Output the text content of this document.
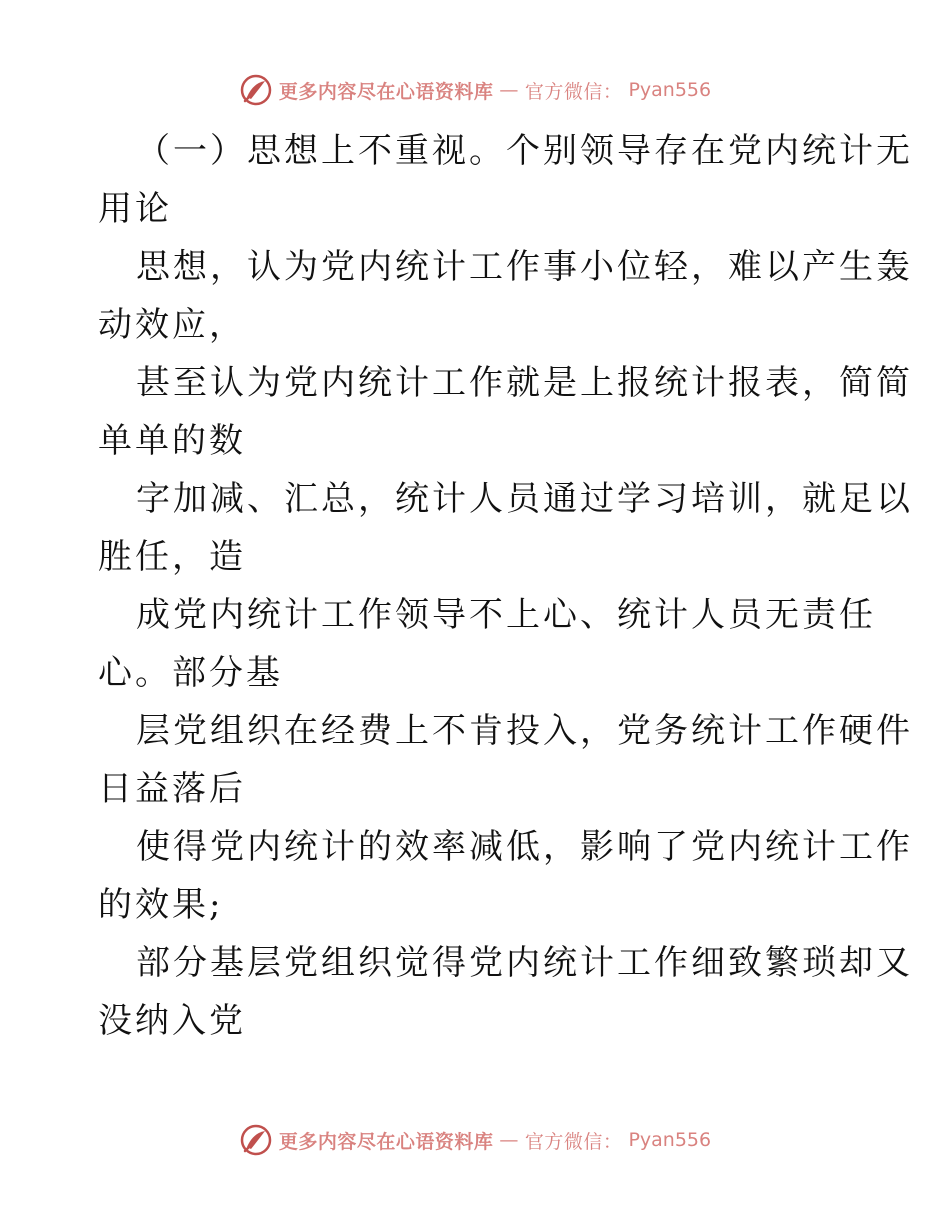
更多内容尽在心语资料库 — 官方微信： Pyan556
（一）思想上不重视。个别领导存在党内统计无
用论
思想，认为党内统计工作事小位轻，难以产生轰
动效应，
甚至认为党内统计工作就是上报统计报表，简简
单单的数
字加减、汇总，统计人员通过学习培训，就足以
胜任，造
成党内统计工作领导不上心、统计人员无责任
心。部分基
层党组织在经费上不肯投入，党务统计工作硬件
日益落后
使得党内统计的效率减低，影响了党内统计工作
的效果;
部分基层党组织觉得党内统计工作细致繁琐却又
没纳入党
更多内容尽在心语资料库 — 官方微信： Pyan556
